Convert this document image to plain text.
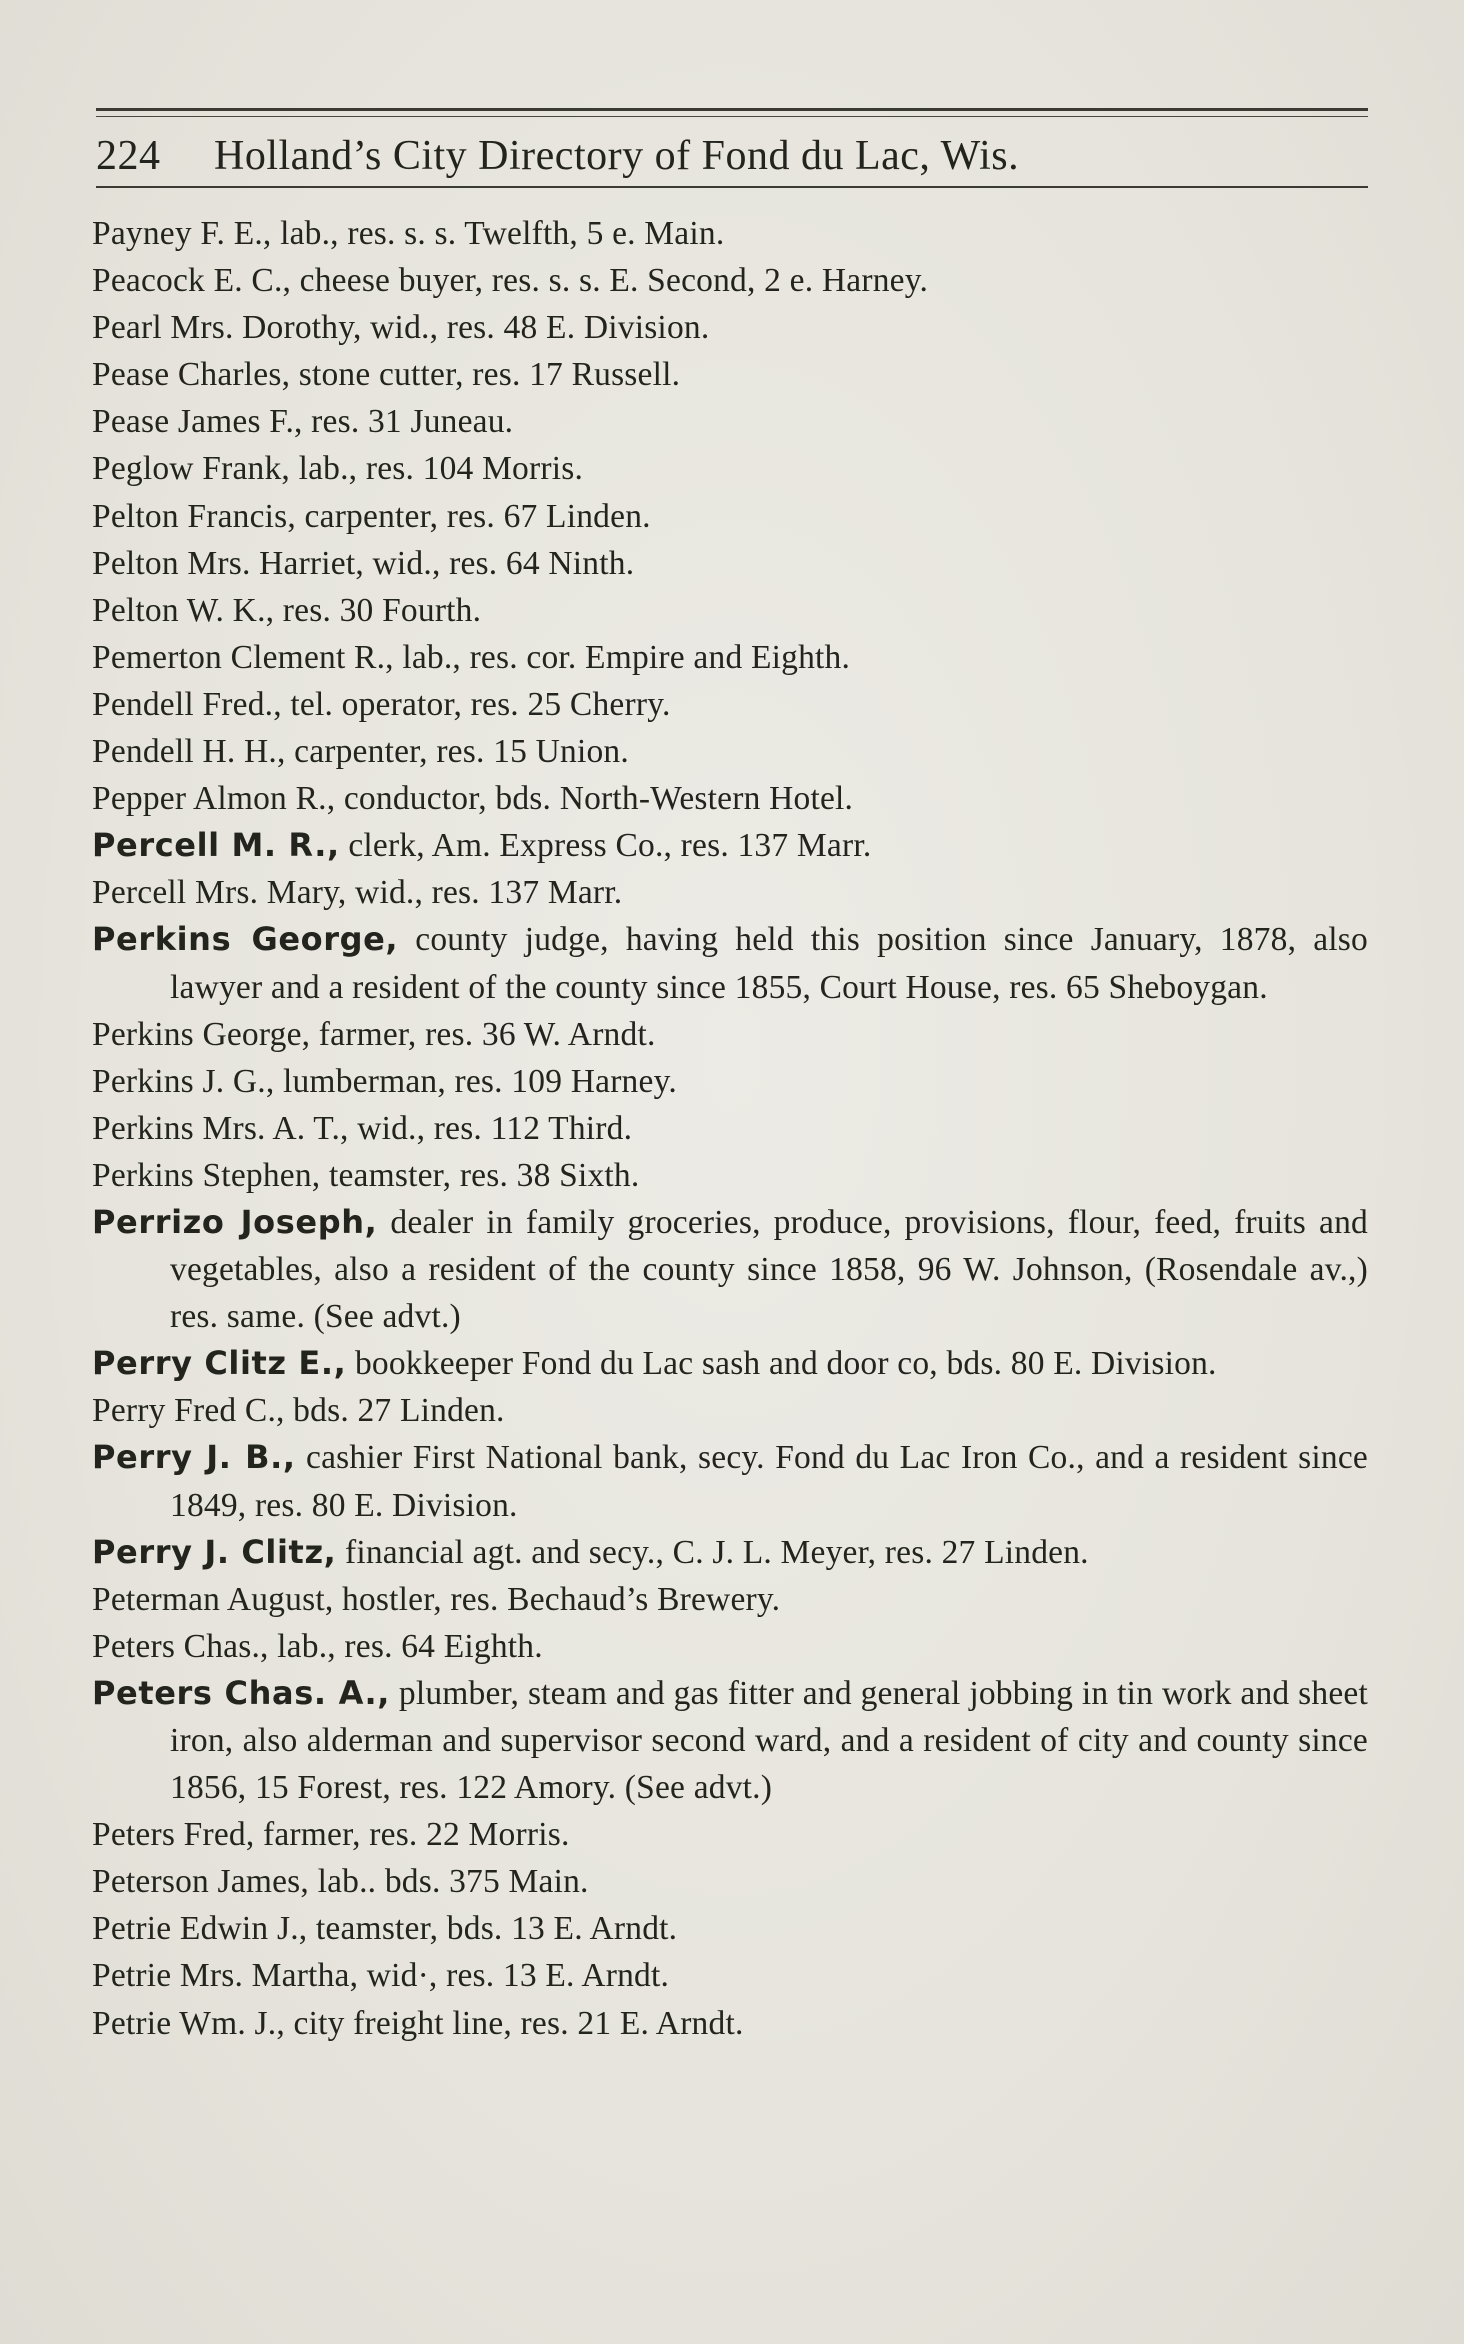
224 Holland’s City Directory of Fond du Lac, Wis.
Payney F. E., lab., res. s. s. Twelfth, 5 e. Main.
Peacock E. C., cheese buyer, res. s. s. E. Second, 2 e. Harney.
Pearl Mrs. Dorothy, wid., res. 48 E. Division.
Pease Charles, stone cutter, res. 17 Russell.
Pease James F., res. 31 Juneau.
Peglow Frank, lab., res. 104 Morris.
Pelton Francis, carpenter, res. 67 Linden.
Pelton Mrs. Harriet, wid., res. 64 Ninth.
Pelton W. K., res. 30 Fourth.
Pemerton Clement R., lab., res. cor. Empire and Eighth.
Pendell Fred., tel. operator, res. 25 Cherry.
Pendell H. H., carpenter, res. 15 Union.
Pepper Almon R., conductor, bds. North-Western Hotel.
Percell M. R., clerk, Am. Express Co., res. 137 Marr.
Percell Mrs. Mary, wid., res. 137 Marr.
Perkins George, county judge, having held this position since January, 1878, also lawyer and a resident of the county since 1855, Court House, res. 65 Sheboygan.
Perkins George, farmer, res. 36 W. Arndt.
Perkins J. G., lumberman, res. 109 Harney.
Perkins Mrs. A. T., wid., res. 112 Third.
Perkins Stephen, teamster, res. 38 Sixth.
Perrizo Joseph, dealer in family groceries, produce, provisions, flour, feed, fruits and vegetables, also a resident of the county since 1858, 96 W. Johnson, (Rosendale av.,) res. same. (See advt.)
Perry Clitz E., bookkeeper Fond du Lac sash and door co, bds. 80 E. Division.
Perry Fred C., bds. 27 Linden.
Perry J. B., cashier First National bank, secy. Fond du Lac Iron Co., and a resident since 1849, res. 80 E. Division.
Perry J. Clitz, financial agt. and secy., C. J. L. Meyer, res. 27 Linden.
Peterman August, hostler, res. Bechaud’s Brewery.
Peters Chas., lab., res. 64 Eighth.
Peters Chas. A., plumber, steam and gas fitter and general jobbing in tin work and sheet iron, also alderman and supervisor second ward, and a resident of city and county since 1856, 15 Forest, res. 122 Amory. (See advt.)
Peters Fred, farmer, res. 22 Morris.
Peterson James, lab.. bds. 375 Main.
Petrie Edwin J., teamster, bds. 13 E. Arndt.
Petrie Mrs. Martha, wid·, res. 13 E. Arndt.
Petrie Wm. J., city freight line, res. 21 E. Arndt.
